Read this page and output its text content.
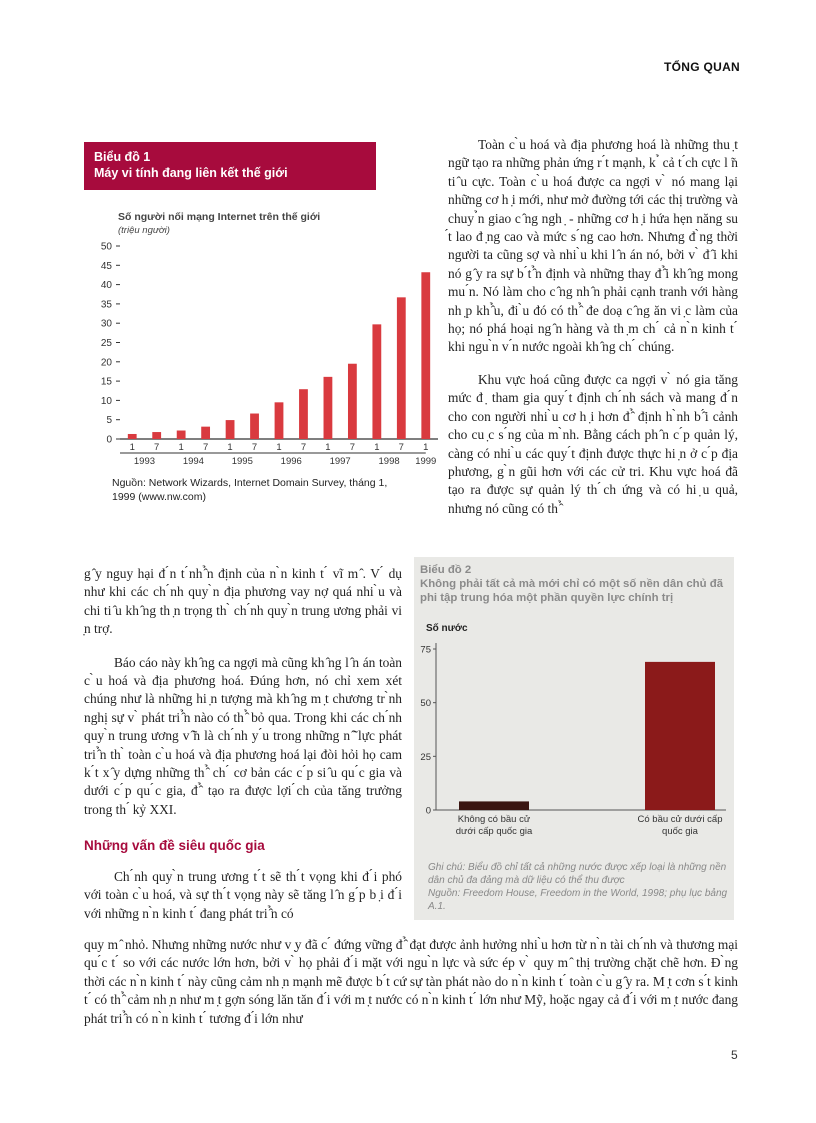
TỔNG QUAN
Biểu đồ 1
Máy vi tính đang liên kết thế giới
Số người nối mạng Internet trên thế giới
(triệu người)
0
5
10
15
20
25
30
35
40
45
50
1 7 1 7 1 7 1 7 1 7 1 7 1
1993	1994	1995	1996	1997	1998 1999
Nguồn: Network Wizards, Internet Domain Survey, tháng 1, 1999 (www.nw.com)

Toàn c ̀u hoá và địa phương hoá là những thu ̣t ngữ tạo ra những phản ứng r ́t mạnh, k ̉ cả t ́ch cực l ̃n ti ̂u cực. Toàn c ̀u hoá được ca ngợi v ̀ nó mang lại những cơ h ̣i mới, như mở đường tới các thị trường và chuy ̉n giao c ̂ng ngh ̣ - những cơ h ̣i hứa hẹn năng su ́t lao đ ̣ng cao và mức s ́ng cao hơn. Nhưng đ ̀ng thời người ta cũng sợ và nhi ̀u khi l ̂n án nó, bởi v ̀ đ ̂i khi nó g ̂y ra sự b ́t ̂̉n định và những thay đ ̂̉i kh ̂ng mong mu ́n. Nó làm cho c ̂ng nh ̂n phải cạnh tranh với hàng nh ̣p kh ̂̉u, đi ̀u đó có th ̂̉ đe doạ c ̂ng ăn vi ̣c làm của họ; nó phá hoại ng ̂n hàng và th ̣m ch ́ cả n ̀n kinh t ́ khi ngu ̀n v ́n nước ngoài kh ̂ng ch ́ chúng.

Khu vực hoá cũng được ca ngợi v ̀ nó gia tăng mức đ ̣ tham gia quy ́t định ch ́nh sách và mang đ ́n cho con người nhi ̀u cơ h ̣i hơn đ ̂̉ định h ̀nh b ̂́i cảnh cho cu ̣c s ́ng của m ̀nh. Bằng cách ph ̂n c ́p quản lý, càng có nhi ̀u các quy ́t định được thực hi ̣n ở c ́p địa phương, g ̀n gũi hơn với các cử tri. Khu vực hoá đã tạo ra được sự quản lý th ́ch ứng và có hi ̣u quả, nhưng nó cũng có th ̂̉

g ̂y nguy hại đ ́n t ́nh ̂̉n định của n ̀n kinh t ́ vĩ m ̂. V ́ dụ như khi các ch ́nh quy ̀n địa phương vay nợ quá nhi ̀u và chi ti ̂u kh ̂ng th ̣n trọng th ̀ ch ́nh quy ̀n trung ương phải vi ̣n trợ.

Báo cáo này kh ̂ng ca ngợi mà cũng kh ̂ng l ̂n án toàn c ̀u hoá và địa phương hoá. Đúng hơn, nó chỉ xem xét chúng như là những hi ̣n tượng mà kh ̂ng m ̣t chương tr ̀nh nghị sự v ̀ phát tri ̂̉n nào có th ̂̉ bỏ qua. Trong khi các ch ́nh quy ̀n trung ương v ̂̃n là ch ́nh y ́u trong những n ̂̃ lực phát tri ̂̉n th ̀ toàn c ̀u hoá và địa phương hoá lại đòi hỏi họ cam k ́t x ̂y dựng những th ̂̉ ch ́ cơ bản các c ́p si ̂u qu ́c gia và dưới c ́p qu ́c gia, đ ̂̉ tạo ra được lợi ́ch của tăng trưởng trong th ́ kỷ XXI.

Những vấn đề siêu quốc gia

Ch ́nh quy ̀n trung ương t ́t sẽ th ́t vọng khi đ ́i phó với toàn c ̀u hoá, và sự th ́t vọng này sẽ tăng l ̂n g ́p b ̣i đ ́i với những n ̀n kinh t ́ đang phát tri ̂̉n có

Biểu đồ 2
Không phải tất cả mà mới chỉ có một số nền dân chủ đã phi tập trung hóa một phần quyền lực chính trị
Số nước
0
25
50
75
Không có bầu cử dưới cấp quốc gia
Có bầu cử dưới cấp quốc gia
Ghi chú: Biểu đồ chỉ tất cả những nước được xếp loại là những nền dân chủ đa đảng mà dữ liệu có thể thu được
Nguồn: Freedom House, Freedom in the World, 1998; phụ lục bảng A.1.

quy m ̂ nhỏ. Nhưng những nước như v ̣y đã c ́ đứng vững đ ̂̉ đạt được ảnh hưởng nhi ̀u hơn từ n ̀n tài ch ́nh và thương mại qu ́c t ́ so với các nước lớn hơn, bởi v ̀ họ phải đ ́i mặt với ngu ̀n lực và sức ép v ̀ quy m ̂ thị trường chặt chẽ hơn. Đ ̀ng thời các n ̀n kinh t ́ này cũng cảm nh ̣n mạnh mẽ được b ́t cứ sự tàn phát nào do n ̀n kinh t ́ toàn c ̀u g ̂y ra. M ̣t cơn s ́t kinh t ́ có th ̂̉ cảm nh ̣n như m ̣t gợn sóng lăn tăn đ ́i với m ̣t nước có n ̀n kinh t ́ lớn như Mỹ, hoặc ngay cả đ ́i với m ̣t nước đang phát tri ̂̉n có n ̀n kinh t ́ tương đ ́i lớn như

5
